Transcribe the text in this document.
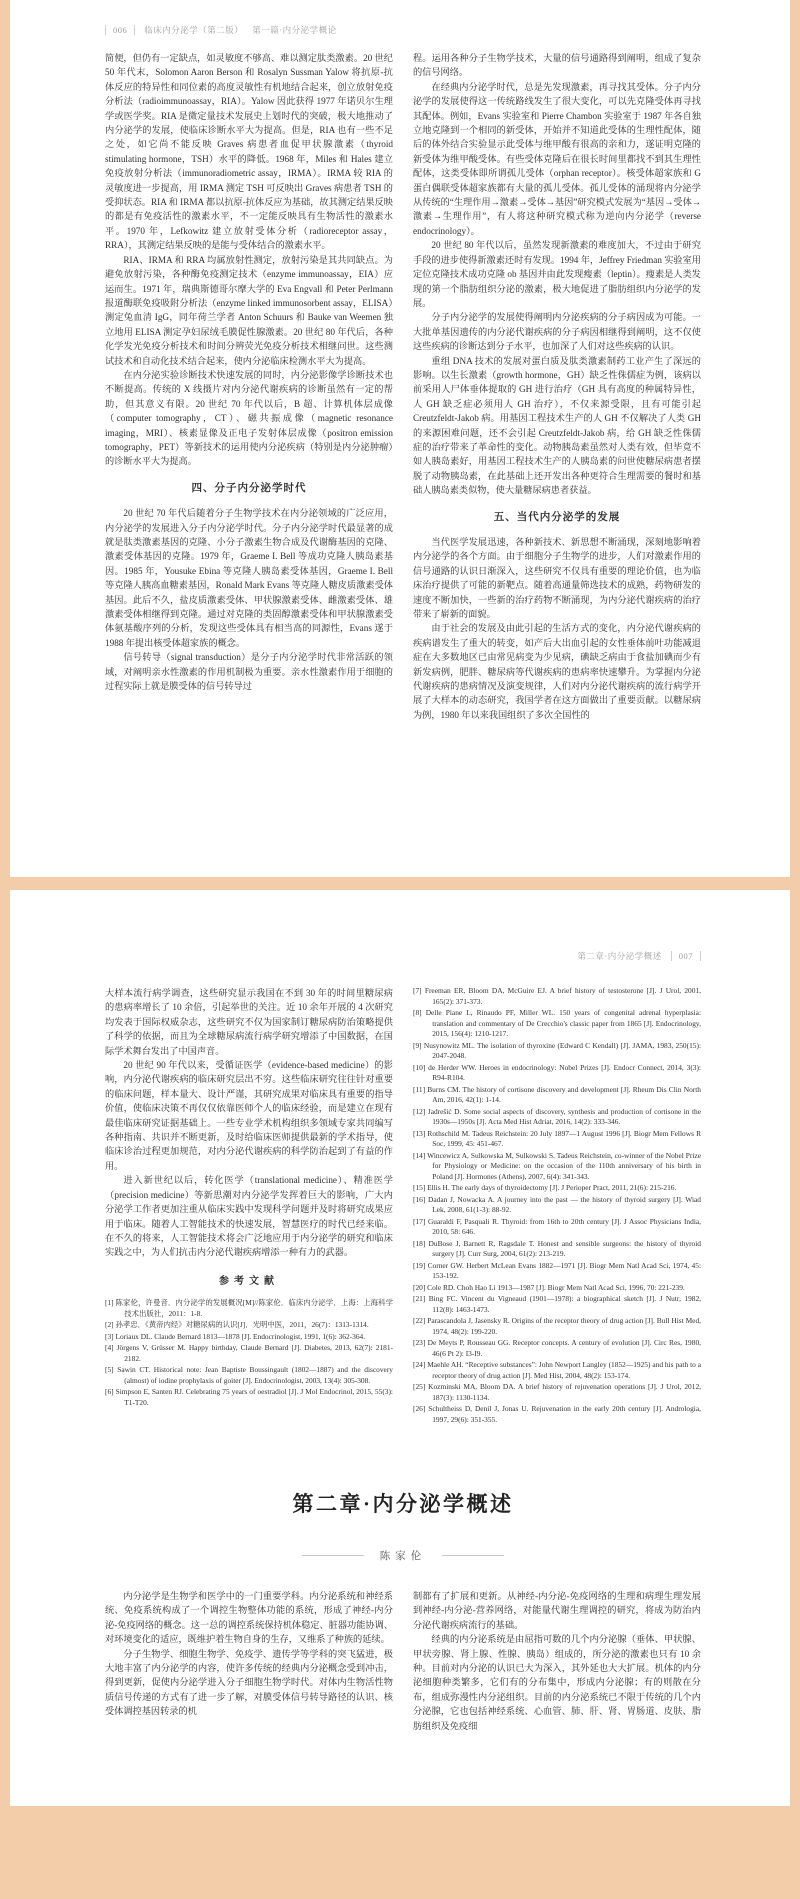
006	临床内分泌学（第二版） 第一篇·内分泌学概论
简便，但仍有一定缺点，如灵敏度不够高、难以测定肽类激素。20 世纪 50 年代末，Solomon Aaron Berson 和 Rosalyn Sussman Yalow 将抗原-抗体反应的特异性和同位素的高度灵敏性有机地结合起来，创立放射免疫分析法（radioimmunoassay，RIA）。Yalow 因此获得 1977 年诺贝尔生理学或医学奖。RIA 是微定量技术发展史上划时代的突破，极大地推动了内分泌学的发展，使临床诊断水平大为提高。但是，RIA 也有一些不足之处，如它尚不能反映 Graves 病患者血促甲状腺激素（thyroid stimulating hormone，TSH）水平的降低。1968 年，Miles 和 Hales 建立免疫放射分析法（immunoradiometric assay，IRMA）。IRMA 较 RIA 的灵敏度进一步提高，用 IRMA 测定 TSH 可反映出 Graves 病患者 TSH 的受抑状态。RIA 和 IRMA 都以抗原-抗体反应为基础，故其测定结果反映的都是有免疫活性的激素水平，不一定能反映具有生物活性的激素水平。1970 年，Lefkowitz 建立放射受体分析（radioreceptor assay，RRA），其测定结果反映的是能与受体结合的激素水平。
RIA、IRMA 和 RRA 均属放射性测定，放射污染是其共同缺点。为避免放射污染，各种酶免疫测定技术（enzyme immunoassay，EIA）应运而生。1971 年，瑞典斯德哥尔摩大学的 Eva Engvall 和 Peter Perlmann 报道酶联免疫吸附分析法（enzyme linked immunosorbent assay，ELISA）测定兔血清 IgG，同年荷兰学者 Anton Schuurs 和 Bauke van Weemen 独立地用 ELISA 测定孕妇尿绒毛膜促性腺激素。20 世纪 80 年代后，各种化学发光免疫分析技术和时间分辨荧光免疫分析技术相继问世。这些测试技术和自动化技术结合起来，使内分泌临床检测水平大为提高。
在内分泌实验诊断技术快速发展的同时，内分泌影像学诊断技术也不断提高。传统的 X 线摄片对内分泌代谢疾病的诊断虽然有一定的帮助，但其意义有限。20 世纪 70 年代以后，B 超、计算机体层成像（computer tomography，CT）、磁共振成像（magnetic resonance imaging，MRI）、核素显像及正电子发射体层成像（positron emission tomography，PET）等新技术的运用使内分泌疾病（特别是内分泌肿瘤）的诊断水平大为提高。
四、分子内分泌学时代
20 世纪 70 年代后随着分子生物学技术在内分泌领域的广泛应用，内分泌学的发展进入分子内分泌学时代。分子内分泌学时代最显著的成就是肽类激素基因的克隆、小分子激素生物合成及代谢酶基因的克隆、激素受体基因的克隆。1979 年，Graeme I. Bell 等成功克隆人胰岛素基因。1985 年，Yousuke Ebina 等克隆人胰岛素受体基因，Graeme I. Bell 等克隆人胰高血糖素基因，Ronald Mark Evans 等克隆人糖皮质激素受体基因。此后不久，盐皮质激素受体、甲状腺激素受体、雌激素受体、雄激素受体相继得到克隆。通过对克隆的类固醇激素受体和甲状腺激素受体氨基酸序列的分析，发现这些受体具有相当高的同源性，Evans 遂于 1988 年提出核受体超家族的概念。
信号转导（signal transduction）是分子内分泌学时代非常活跃的领域，对阐明亲水性激素的作用机制极为重要。亲水性激素作用于细胞的过程实际上就是膜受体的信号转导过
程。运用各种分子生物学技术，大量的信号通路得到阐明，组成了复杂的信号网络。
在经典内分泌学时代，总是先发现激素，再寻找其受体。分子内分泌学的发展使得这一传统路线发生了很大变化，可以先克隆受体再寻找其配体。例如，Evans 实验室和 Pierre Chambon 实验室于 1987 年各自独立地克隆到一个相同的新受体，开始并不知道此受体的生理性配体，随后的体外结合实验显示此受体与维甲酸有很高的亲和力，遂证明克隆的新受体为维甲酸受体。有些受体克隆后在很长时间里都找不到其生理性配体，这类受体即所谓孤儿受体（orphan receptor）。核受体超家族和 G 蛋白偶联受体超家族都有大量的孤儿受体。孤儿受体的涌现将内分泌学从传统的“生理作用→激素→受体→基因”研究模式发展为“基因→受体→激素→生理作用”，有人将这种研究模式称为逆向内分泌学（reverse endocrinology）。
20 世纪 80 年代以后，虽然发现新激素的难度加大，不过由于研究手段的进步使得新激素还时有发现。1994 年，Jeffrey Friedman 实验室用定位克隆技术成功克隆 ob 基因并由此发现瘦素（leptin）。瘦素是人类发现的第一个脂肪组织分泌的激素，极大地促进了脂肪组织内分泌学的发展。
分子内分泌学的发展使得阐明内分泌疾病的分子病因成为可能。一大批单基因遗传的内分泌代谢疾病的分子病因相继得到阐明，这不仅使这些疾病的诊断达到分子水平，也加深了人们对这些疾病的认识。
重组 DNA 技术的发展对蛋白质及肽类激素制药工业产生了深远的影响。以生长激素（growth hormone，GH）缺乏性侏儒症为例，该病以前采用人尸体垂体提取的 GH 进行治疗（GH 具有高度的种属特异性，人 GH 缺乏症必须用人 GH 治疗），不仅来源受限，且有可能引起 Creutzfeldt-Jakob 病。用基因工程技术生产的人 GH 不仅解决了人类 GH 的来源困难问题，还不会引起 Creutzfeldt-Jakob 病，给 GH 缺乏性侏儒症的治疗带来了革命性的变化。动物胰岛素虽然对人类有效，但毕竟不如人胰岛素好，用基因工程技术生产的人胰岛素的问世使糖尿病患者摆脱了动物胰岛素，在此基础上还开发出各种更符合生理需要的餐时和基础人胰岛素类似物，使大量糖尿病患者获益。
五、当代内分泌学的发展
当代医学发展迅速，各种新技术、新思想不断涌现，深刻地影响着内分泌学的各个方面。由于细胞分子生物学的进步，人们对激素作用的信号通路的认识日渐深入，这些研究不仅具有重要的理论价值，也为临床治疗提供了可能的新靶点。随着高通量筛选技术的成熟，药物研发的速度不断加快，一些新的治疗药物不断涌现，为内分泌代谢疾病的治疗带来了崭新的面貌。
由于社会的发展及由此引起的生活方式的变化，内分泌代谢疾病的疾病谱发生了重大的转变，如产后大出血引起的女性垂体前叶功能减退症在大多数地区已由常见病变为少见病，碘缺乏病由于食盐加碘而少有新发病例，肥胖、糖尿病等代谢疾病的患病率快速攀升。为掌握内分泌代谢疾病的患病情况及演变规律，人们对内分泌代谢疾病的流行病学开展了大样本的动态研究，我国学者在这方面做出了重要贡献。以糖尿病为例，1980 年以来我国组织了多次全国性的
第二章·内分泌学概述 007
大样本流行病学调查，这些研究显示我国在不到 30 年的时间里糖尿病的患病率增长了 10 余倍，引起举世的关注。近 10 余年开展的 4 次研究均发表于国际权威杂志，这些研究不仅为国家制订糖尿病防治策略提供了科学的依据，而且为全球糖尿病流行病学研究增添了中国数据，在国际学术舞台发出了中国声音。
20 世纪 90 年代以来，受循证医学（evidence-based medicine）的影响，内分泌代谢疾病的临床研究层出不穷。这些临床研究往往针对重要的临床问题，样本量大、设计严谨，其研究成果对临床具有重要的指导价值，使临床决策不再仅仅依靠医师个人的临床经验，而是建立在现有最佳临床研究证据基础上。一些专业学术机构组织多领域专家共同编写各种指南、共识并不断更新，及时给临床医师提供最新的学术指导，使临床诊治过程更加规范，对内分泌代谢疾病的科学防治起到了有益的作用。
进入新世纪以后，转化医学（translational medicine）、精准医学（precision medicine）等新思潮对内分泌学发挥着巨大的影响，广大内分泌学工作者更加注重从临床实践中发现科学问题并及时将研究成果应用于临床。随着人工智能技术的快速发展，智慧医疗的时代已经来临。在不久的将来，人工智能技术将会广泛地应用于内分泌学的研究和临床实践之中，为人们抗击内分泌代谢疾病增添一种有力的武器。
参考文献
[1] 陈家伦，许曼音．内分泌学的发展概况[M]//陈家伦．临床内分泌学．上海：上海科学技术出版社，2011：1-8.
[2] 孙孝忠．《黄帝内经》对糖尿病的认识[J]．光明中医，2011，26(7)：1313-1314.
[3] Loriaux DL. Claude Bernard 1813—1878 [J]. Endocrinologist, 1991, 1(6): 362-364.
[4] Jörgens V, Grüsser M. Happy birthday, Claude Bernard [J]. Diabetes, 2013, 62(7): 2181-2182.
[5] Sawin CT. Historical note: Jean Baptiste Boussingault (1802—1887) and the discovery (almost) of iodine prophylaxis of goiter [J]. Endocrinologist, 2003, 13(4): 305-308.
[6] Simpson E, Santen RJ. Celebrating 75 years of oestradiol [J]. J Mol Endocrinol, 2015, 55(3): T1-T20.
[7] Freeman ER, Bloom DA, McGuire EJ. A brief history of testosterone [J]. J Urol, 2001, 165(2): 371-373.
[8] Delle Piane L, Rinaudo PF, Miller WL. 150 years of congenital adrenal hyperplasia: translation and commentary of De Crecchio's classic paper from 1865 [J]. Endocrinology, 2015, 156(4): 1210-1217.
[9] Nusynowitz ML. The isolation of thyroxine (Edward C Kendall) [J]. JAMA, 1983, 250(15): 2047-2048.
[10] de Herder WW. Heroes in endocrinology: Nobel Prizes [J]. Endocr Connect, 2014, 3(3): R94-R104.
[11] Burns CM. The history of cortisone discovery and development [J]. Rheum Dis Clin North Am, 2016, 42(1): 1-14.
[12] Jadrešić D. Some social aspects of discovery, synthesis and production of cortisone in the 1930s—1950s [J]. Acta Med Hist Adriat, 2016, 14(2): 333-346.
[13] Rothschild M. Tadeus Reichstein: 20 July 1897—1 August 1996 [J]. Biogr Mem Fellows R Soc, 1999, 45: 451-467.
[14] Wincewicz A, Sulkowska M, Sulkowski S. Tadeus Reichstein, co-winner of the Nobel Prize for Physiology or Medicine: on the occasion of the 110th anniversary of his birth in Poland [J]. Hormones (Athens), 2007, 6(4): 341-343.
[15] Ellis H. The early days of thyroidectomy [J]. J Perioper Pract, 2011, 21(6): 215-216.
[16] Dadan J, Nowacka A. A journey into the past — the history of thyroid surgery [J]. Wiad Lek, 2008, 61(1-3): 88-92.
[17] Guaraldi F, Pasquali R. Thyroid: from 16th to 20th century [J]. J Assoc Physicians India, 2010, 58: 646.
[18] DuBose J, Barnett R, Ragsdale T. Honest and sensible surgeons: the history of thyroid surgery [J]. Curr Surg, 2004, 61(2): 213-219.
[19] Corner GW. Herbert McLean Evans 1882—1971 [J]. Biogr Mem Natl Acad Sci, 1974, 45: 153-192.
[20] Cole RD. Choh Hao Li 1913—1987 [J]. Biogr Mem Natl Acad Sci, 1996, 70: 221-239.
[21] Bing FC. Vincent du Vigneaud (1901—1978): a biographical sketch [J]. J Nutr, 1982, 112(8): 1463-1473.
[22] Parascandola J, Jasensky R. Origins of the receptor theory of drug action [J]. Bull Hist Med, 1974, 48(2): 199-220.
[23] De Meyts P, Rousseau GG. Receptor concepts. A century of evolution [J]. Circ Res, 1980, 46(6 Pt 2): I3-I9.
[24] Maehle AH. “Receptive substances”: John Newport Langley (1852—1925) and his path to a receptor theory of drug action [J]. Med Hist, 2004, 48(2): 153-174.
[25] Kozminski MA, Bloom DA. A brief history of rejuvenation operations [J]. J Urol, 2012, 187(3): 1130-1134.
[26] Schultheiss D, Denil J, Jonas U. Rejuvenation in the early 20th century [J]. Andrologia, 1997, 29(6): 351-355.
第二章·内分泌学概述
陈家伦
内分泌学是生物学和医学中的一门重要学科。内分泌系统和神经系统、免疫系统构成了一个调控生物整体功能的系统，形成了神经-内分泌-免疫网络的概念。这一总的调控系统保持机体稳定、脏器功能协调、对环境变化的适应，既维护着生物自身的生存，又维系了种族的延续。
分子生物学、细胞生物学、免疫学、遗传学等学科的突飞猛进，极大地丰富了内分泌学的内容，使许多传统的经典内分泌概念受到冲击，得到更新，促使内分泌学进入分子细胞生物学时代。对体内生物活性物质信号传递的方式有了进一步了解，对膜受体信号转导路径的认识、核受体调控基因转录的机
制都有了扩展和更新。从神经-内分泌-免疫网络的生理和病理生理发展到神经-内分泌-营养网络，对能量代谢生理调控的研究，将成为防治内分泌代谢疾病流行的基础。
经典的内分泌系统是由屈指可数的几个内分泌腺（垂体、甲状腺、甲状旁腺、肾上腺、性腺、胰岛）组成的，所分泌的激素也只有 10 余种。目前对内分泌的认识已大为深入，其外延也大大扩展。机体的内分泌细胞种类繁多，它们有的分布集中，形成内分泌腺；有的则散在分布，组成弥漫性内分泌组织。目前的内分泌系统已不限于传统的几个内分泌腺，它也包括神经系统、心血管、肺、肝、肾、胃肠道、皮肤、脂肪组织及免疫细
